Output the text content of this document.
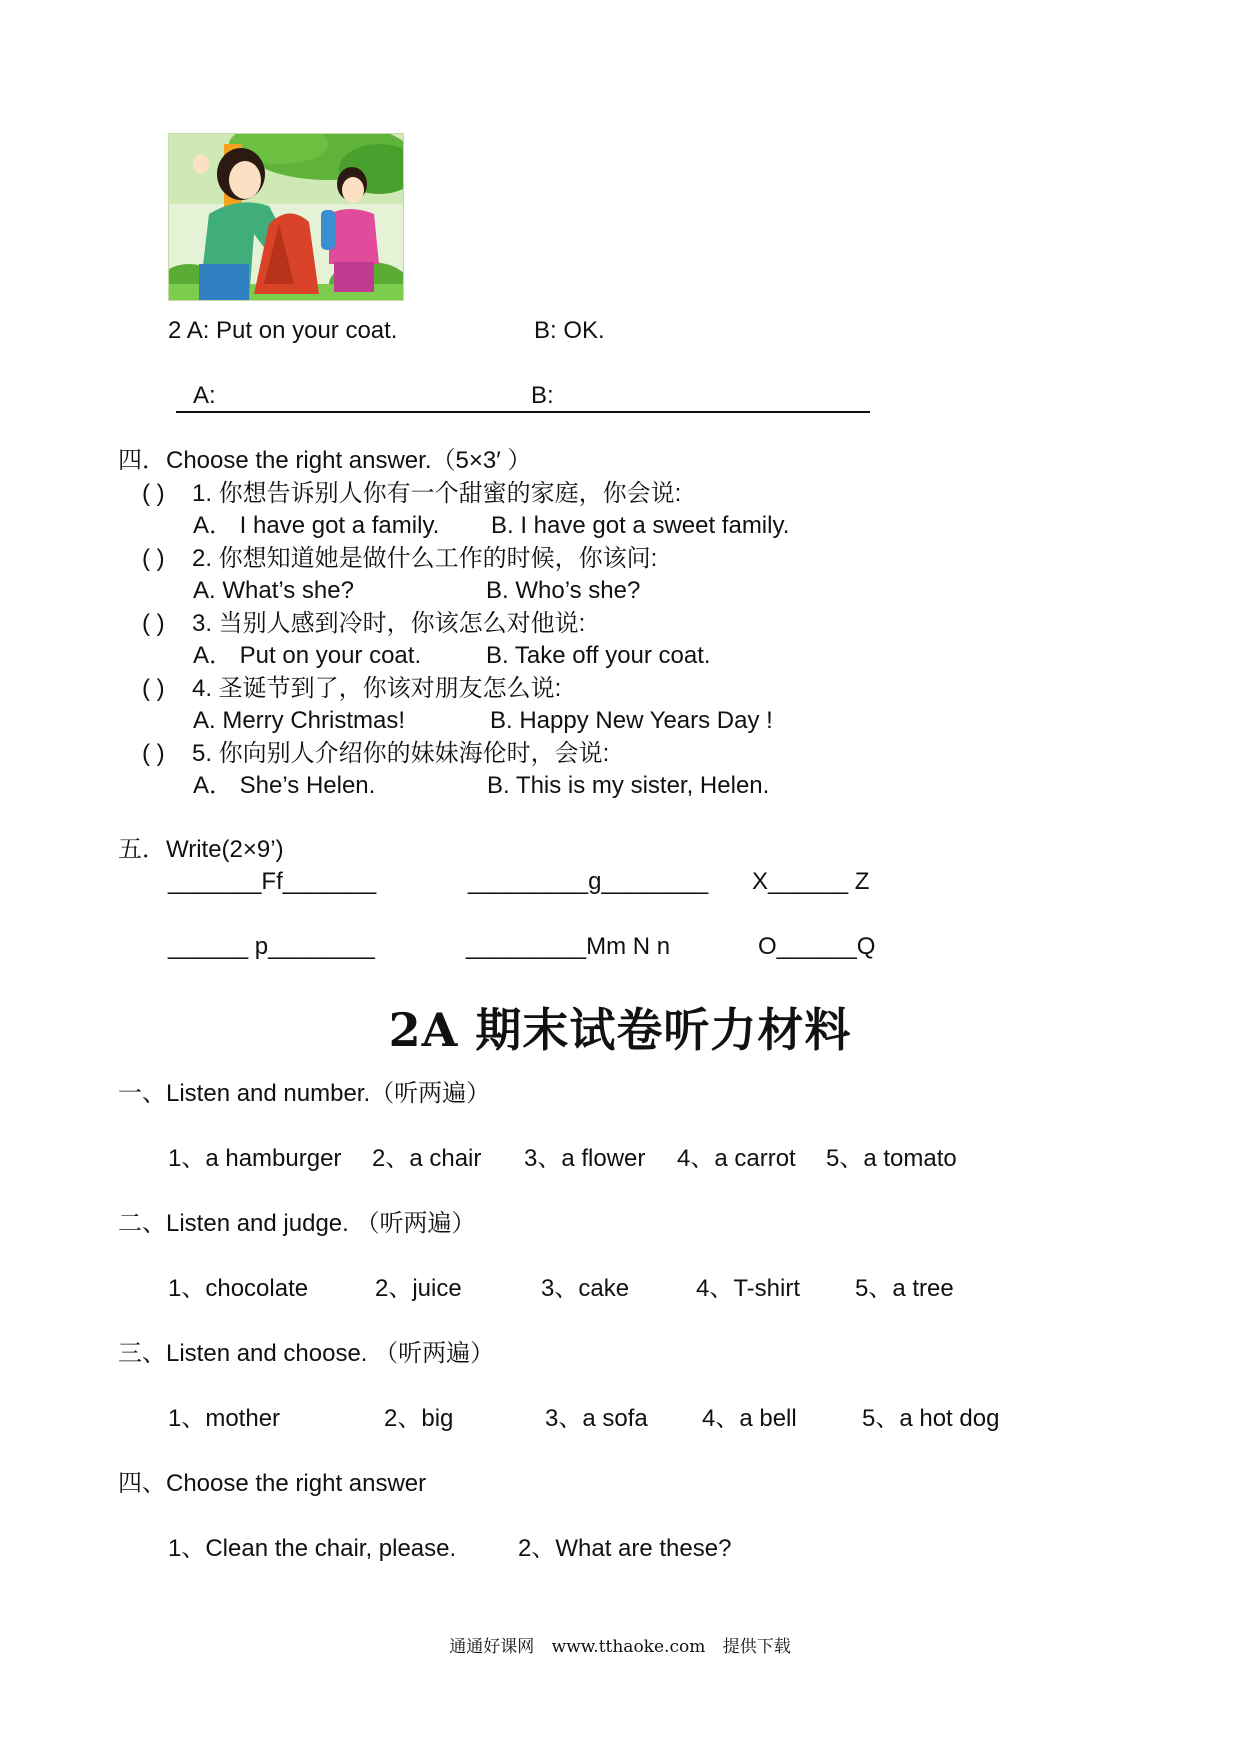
2 A: Put on your coat.	B: OK.
A:	B:
四．Choose the right answer.（5×3′ ）
( ) 1. 你想告诉别人你有一个甜蜜的家庭，你会说:
A． I have got a family. B. I have got a sweet family.
( ) 2. 你想知道她是做什么工作的时候，你该问:
A. What’s she?	B. Who’s she?
( ) 3. 当别人感到冷时，你该怎么对他说:
A． Put on your coat.	B. Take off your coat.
( ) 4. 圣诞节到了，你该对朋友怎么说:
A. Merry Christmas!	B. Happy New Years Day !
( ) 5. 你向别人介绍你的妹妹海伦时，会说:
A． She’s Helen.	B. This is my sister, Helen.
五．Write(2×9’)
_______Ff_______	_________g________ X______ Z
______ p________	_________Mm N n	O______Q
2A 期末试卷听力材料
一、Listen and number.（听两遍）
1、a hamburger 2、a chair 3、a flower 4、a carrot 5、a tomato
二、Listen and judge. （听两遍）
1、chocolate	2、juice	3、cake	4、T-shirt 5、a tree
三、Listen and choose. （听两遍）
1、mother	2、big	3、a sofa 4、a bell	5、a hot dog
四、Choose the right answer
1、Clean the chair, please.	2、What are these?
通通好课网 www.tthaoke.com 提供下载
